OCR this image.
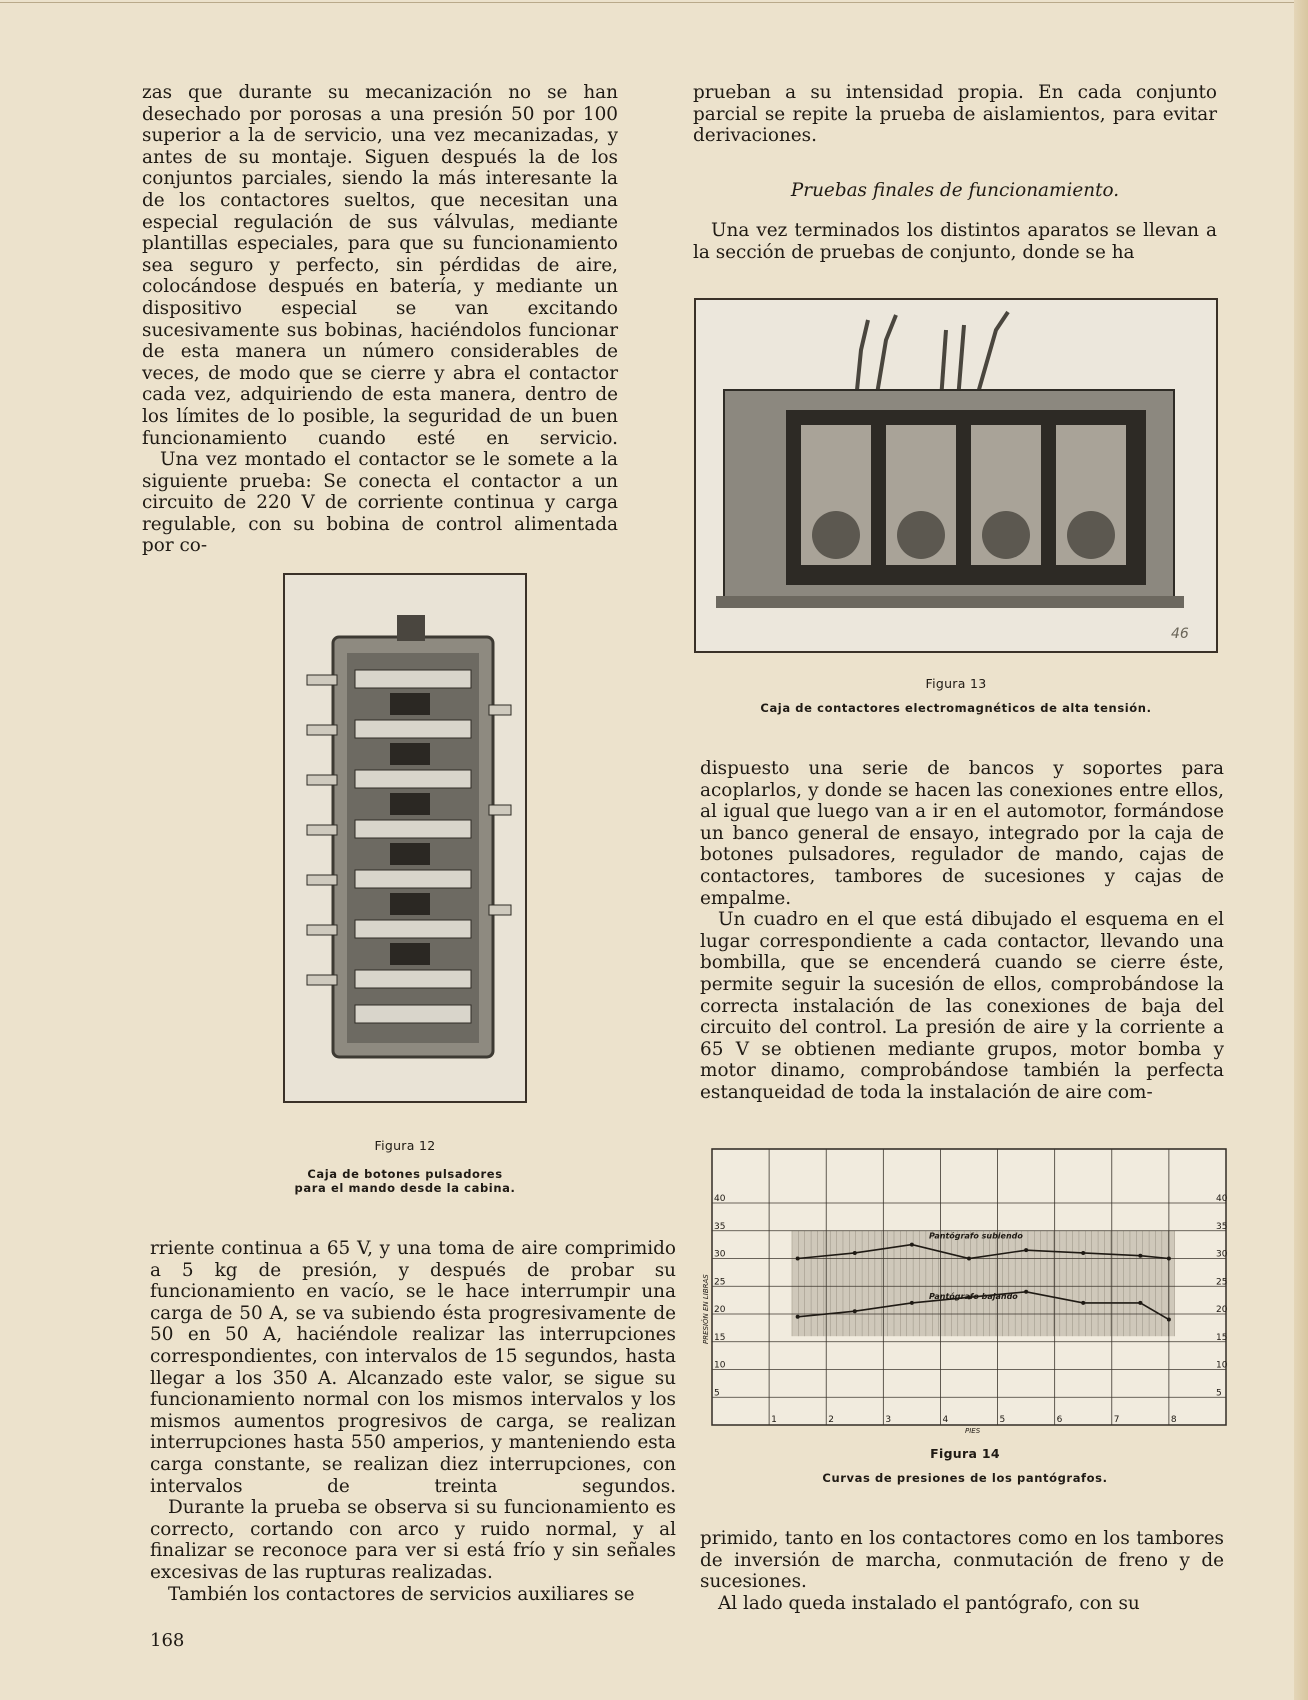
zas que durante su mecanización no se han desechado por porosas a una presión 50 por 100 superior a la de servicio, una vez mecanizadas, y antes de su montaje. Siguen después la de los conjuntos parciales, siendo la más interesante la de los contactores sueltos, que necesitan una especial regulación de sus válvulas, mediante plantillas especiales, para que su funcionamiento sea seguro y perfecto, sin pérdidas de aire, colocándose después en batería, y mediante un dispositivo especial se van excitando sucesivamente sus bobinas, haciéndolos funcionar de esta manera un número considerables de veces, de modo que se cierre y abra el contactor cada vez, adquiriendo de esta manera, dentro de los límites de lo posible, la seguridad de un buen funcionamiento cuando esté en servicio.

Una vez montado el contactor se le somete a la siguiente prueba: Se conecta el contactor a un circuito de 220 V de corriente continua y carga regulable, con su bobina de control alimentada por co-

Figura 12
Caja de botones pulsadores
para el mando desde la cabina.

rriente continua a 65 V, y una toma de aire comprimido a 5 kg de presión, y después de probar su funcionamiento en vacío, se le hace interrumpir una carga de 50 A, se va subiendo ésta progresivamente de 50 en 50 A, haciéndole realizar las interrupciones correspondientes, con intervalos de 15 segundos, hasta llegar a los 350 A. Alcanzado este valor, se sigue su funcionamiento normal con los mismos intervalos y los mismos aumentos progresivos de carga, se realizan interrupciones hasta 550 amperios, y manteniendo esta carga constante, se realizan diez interrupciones, con intervalos de treinta segundos.

Durante la prueba se observa si su funcionamiento es correcto, cortando con arco y ruido normal, y al finalizar se reconoce para ver si está frío y sin señales excesivas de las rupturas realizadas.

También los contactores de servicios auxiliares se

prueban a su intensidad propia. En cada conjunto parcial se repite la prueba de aislamientos, para evitar derivaciones.

Pruebas finales de funcionamiento.

Una vez terminados los distintos aparatos se llevan a la sección de pruebas de conjunto, donde se ha

46
Figura 13
Caja de contactores electromagnéticos de alta tensión.

dispuesto una serie de bancos y soportes para acoplarlos, y donde se hacen las conexiones entre ellos, al igual que luego van a ir en el automotor, formándose un banco general de ensayo, integrado por la caja de botones pulsadores, regulador de mando, cajas de contactores, tambores de sucesiones y cajas de empalme.

Un cuadro en el que está dibujado el esquema en el lugar correspondiente a cada contactor, llevando una bombilla, que se encenderá cuando se cierre éste, permite seguir la sucesión de ellos, comprobándose la correcta instalación de las conexiones de baja del circuito del control. La presión de aire y la corriente a 65 V se obtienen mediante grupos, motor bomba y motor dinamo, comprobándose también la perfecta estanqueidad de toda la instalación de aire com-

5	5
10	10
15	15
20	20
25	25
30	30
35	35
40	40
1	2	3	4	5	6	7	8
PIES
PRESIÓN EN LIBRAS
Pantógrafo subiendo
Pantógrafo bajando
Figura 14
Curvas de presiones de los pantógrafos.

primido, tanto en los contactores como en los tambores de inversión de marcha, conmutación de freno y de sucesiones.

Al lado queda instalado el pantógrafo, con su

168
